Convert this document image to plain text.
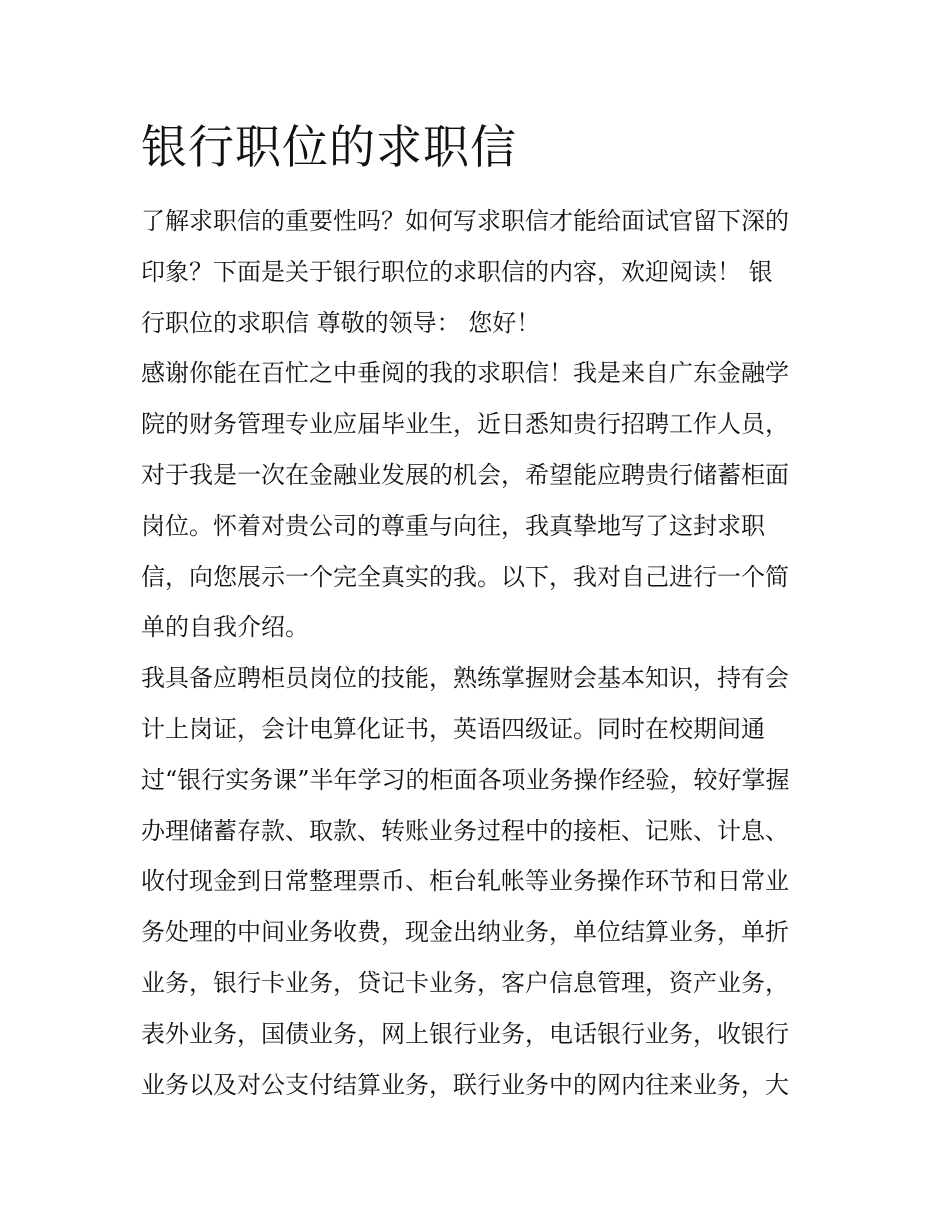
银行职位的求职信
了解求职信的重要性吗？如何写求职信才能给面试官留下深的
印象？下面是关于银行职位的求职信的内容，欢迎阅读！ 银
行职位的求职信 尊敬的领导： 您好！
感谢你能在百忙之中垂阅的我的求职信！我是来自广东金融学
院的财务管理专业应届毕业生，近日悉知贵行招聘工作人员，
对于我是一次在金融业发展的机会，希望能应聘贵行储蓄柜面
岗位。怀着对贵公司的尊重与向往，我真挚地写了这封求职
信，向您展示一个完全真实的我。以下，我对自己进行一个简
单的自我介绍。
我具备应聘柜员岗位的技能，熟练掌握财会基本知识，持有会
计上岗证，会计电算化证书，英语四级证。同时在校期间通
过“银行实务课”半年学习的柜面各项业务操作经验，较好掌握
办理储蓄存款、取款、转账业务过程中的接柜、记账、计息、
收付现金到日常整理票币、柜台轧帐等业务操作环节和日常业
务处理的中间业务收费，现金出纳业务，单位结算业务，单折
业务，银行卡业务，贷记卡业务，客户信息管理，资产业务，
表外业务，国债业务，网上银行业务，电话银行业务，收银行
业务以及对公支付结算业务，联行业务中的网内往来业务，大
